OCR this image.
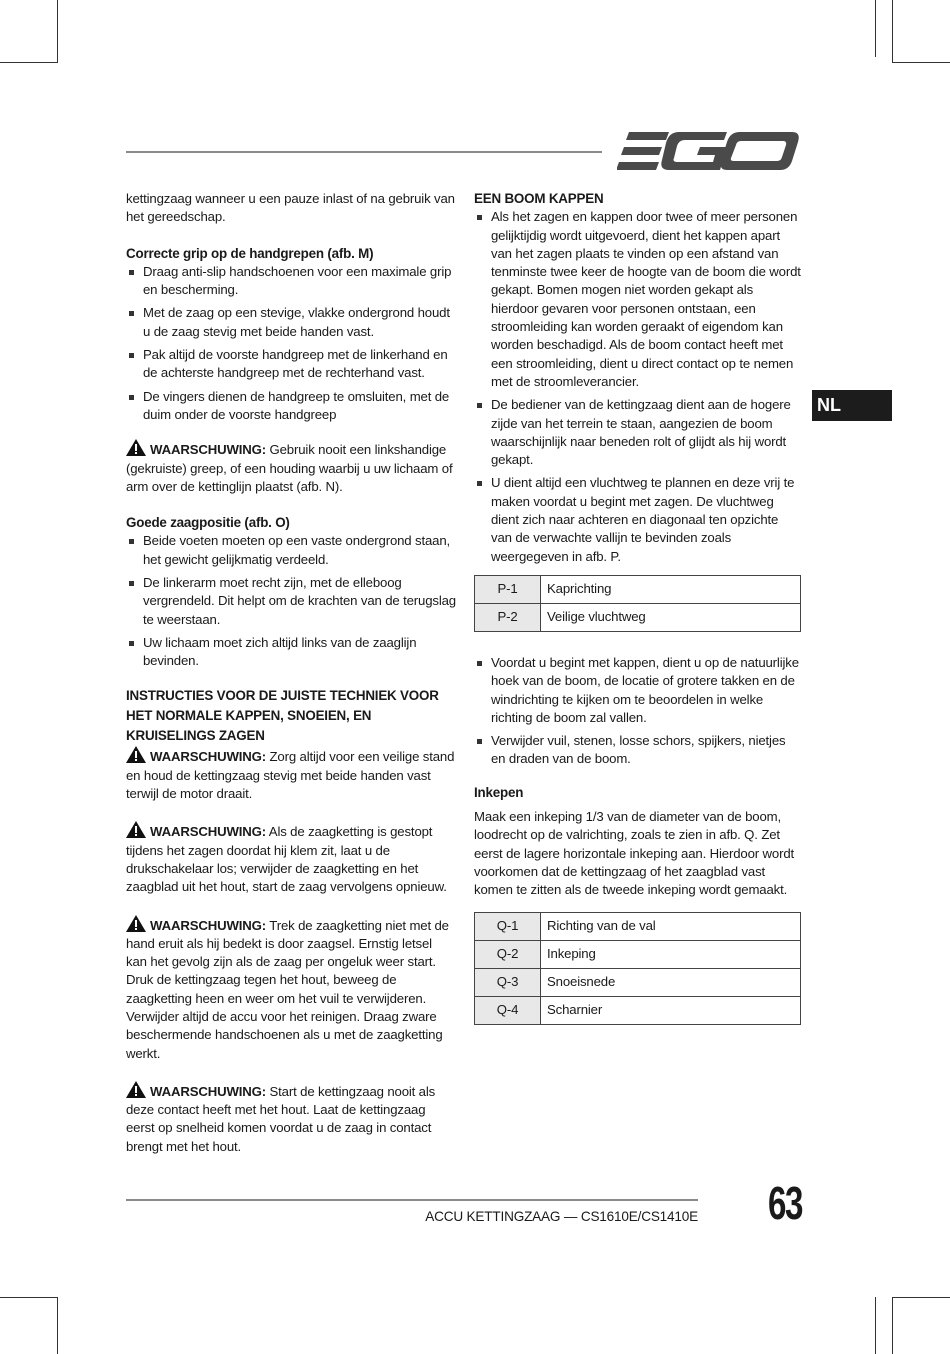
kettingzaag wanneer u een pauze inlast of na gebruik van het gereedschap.

Correcte grip op de handgrepen (afb. M)
Draag anti-slip handschoenen voor een maximale grip en bescherming.
Met de zaag op een stevige, vlakke ondergrond houdt u de zaag stevig met beide handen vast.
Pak altijd de voorste handgreep met de linkerhand en de achterste handgreep met de rechterhand vast.
De vingers dienen de handgreep te omsluiten, met de duim onder de voorste handgreep

WAARSCHUWING: Gebruik nooit een linkshandige (gekruiste) greep, of een houding waarbij u uw lichaam of arm over de kettinglijn plaatst (afb. N).

Goede zaagpositie (afb. O)
Beide voeten moeten op een vaste ondergrond staan, het gewicht gelijkmatig verdeeld.
De linkerarm moet recht zijn, met de elleboog vergrendeld. Dit helpt om de krachten van de terugslag te weerstaan.
Uw lichaam moet zich altijd links van de zaaglijn bevinden.
INSTRUCTIES VOOR DE JUISTE TECHNIEK VOOR HET NORMALE KAPPEN, SNOEIEN, EN KRUISELINGS ZAGEN

WAARSCHUWING: Zorg altijd voor een veilige stand en houd de kettingzaag stevig met beide handen vast terwijl de motor draait.

WAARSCHUWING: Als de zaagketting is gestopt tijdens het zagen doordat hij klem zit, laat u de drukschakelaar los; verwijder de zaagketting en het zaagblad uit het hout, start de zaag vervolgens opnieuw.

WAARSCHUWING: Trek de zaagketting niet met de hand eruit als hij bedekt is door zaagsel. Ernstig letsel kan het gevolg zijn als de zaag per ongeluk weer start. Druk de kettingzaag tegen het hout, beweeg de zaagketting heen en weer om het vuil te verwijderen. Verwijder altijd de accu voor het reinigen. Draag zware beschermende handschoenen als u met de zaagketting werkt.

WAARSCHUWING: Start de kettingzaag nooit als deze contact heeft met het hout. Laat de kettingzaag eerst op snelheid komen voordat u de zaag in contact brengt met het hout.

EEN BOOM KAPPEN
Als het zagen en kappen door twee of meer personen gelijktijdig wordt uitgevoerd, dient het kappen apart van het zagen plaats te vinden op een afstand van tenminste twee keer de hoogte van de boom die wordt gekapt. Bomen mogen niet worden gekapt als hierdoor gevaren voor personen ontstaan, een stroomleiding kan worden geraakt of eigendom kan worden beschadigd. Als de boom contact heeft met een stroomleiding, dient u direct contact op te nemen met de stroomleverancier.
De bediener van de kettingzaag dient aan de hogere zijde van het terrein te staan, aangezien de boom waarschijnlijk naar beneden rolt of glijdt als hij wordt gekapt.
U dient altijd een vluchtweg te plannen en deze vrij te maken voordat u begint met zagen. De vluchtweg dient zich naar achteren en diagonaal ten opzichte van de verwachte vallijn te bevinden zoals weergegeven in afb. P.
P-1	Kaprichting
P-2	Veilige vluchtweg
Voordat u begint met kappen, dient u op de natuurlijke hoek van de boom, de locatie of grotere takken en de windrichting te kijken om te beoordelen in welke richting de boom zal vallen.
Verwijder vuil, stenen, losse schors, spijkers, nietjes en draden van de boom.
Inkepen

Maak een inkeping 1/3 van de diameter van de boom, loodrecht op de valrichting, zoals te zien in afb. Q. Zet eerst de lagere horizontale inkeping aan. Hierdoor wordt voorkomen dat de kettingzaag of het zaagblad vast komen te zitten als de tweede inkeping wordt gemaakt.

Q-1	Richting van de val
Q-2	Inkeping
Q-3	Snoeisnede
Q-4	Scharnier
NL
ACCU KETTINGZAAG — CS1610E/CS1410E 63
